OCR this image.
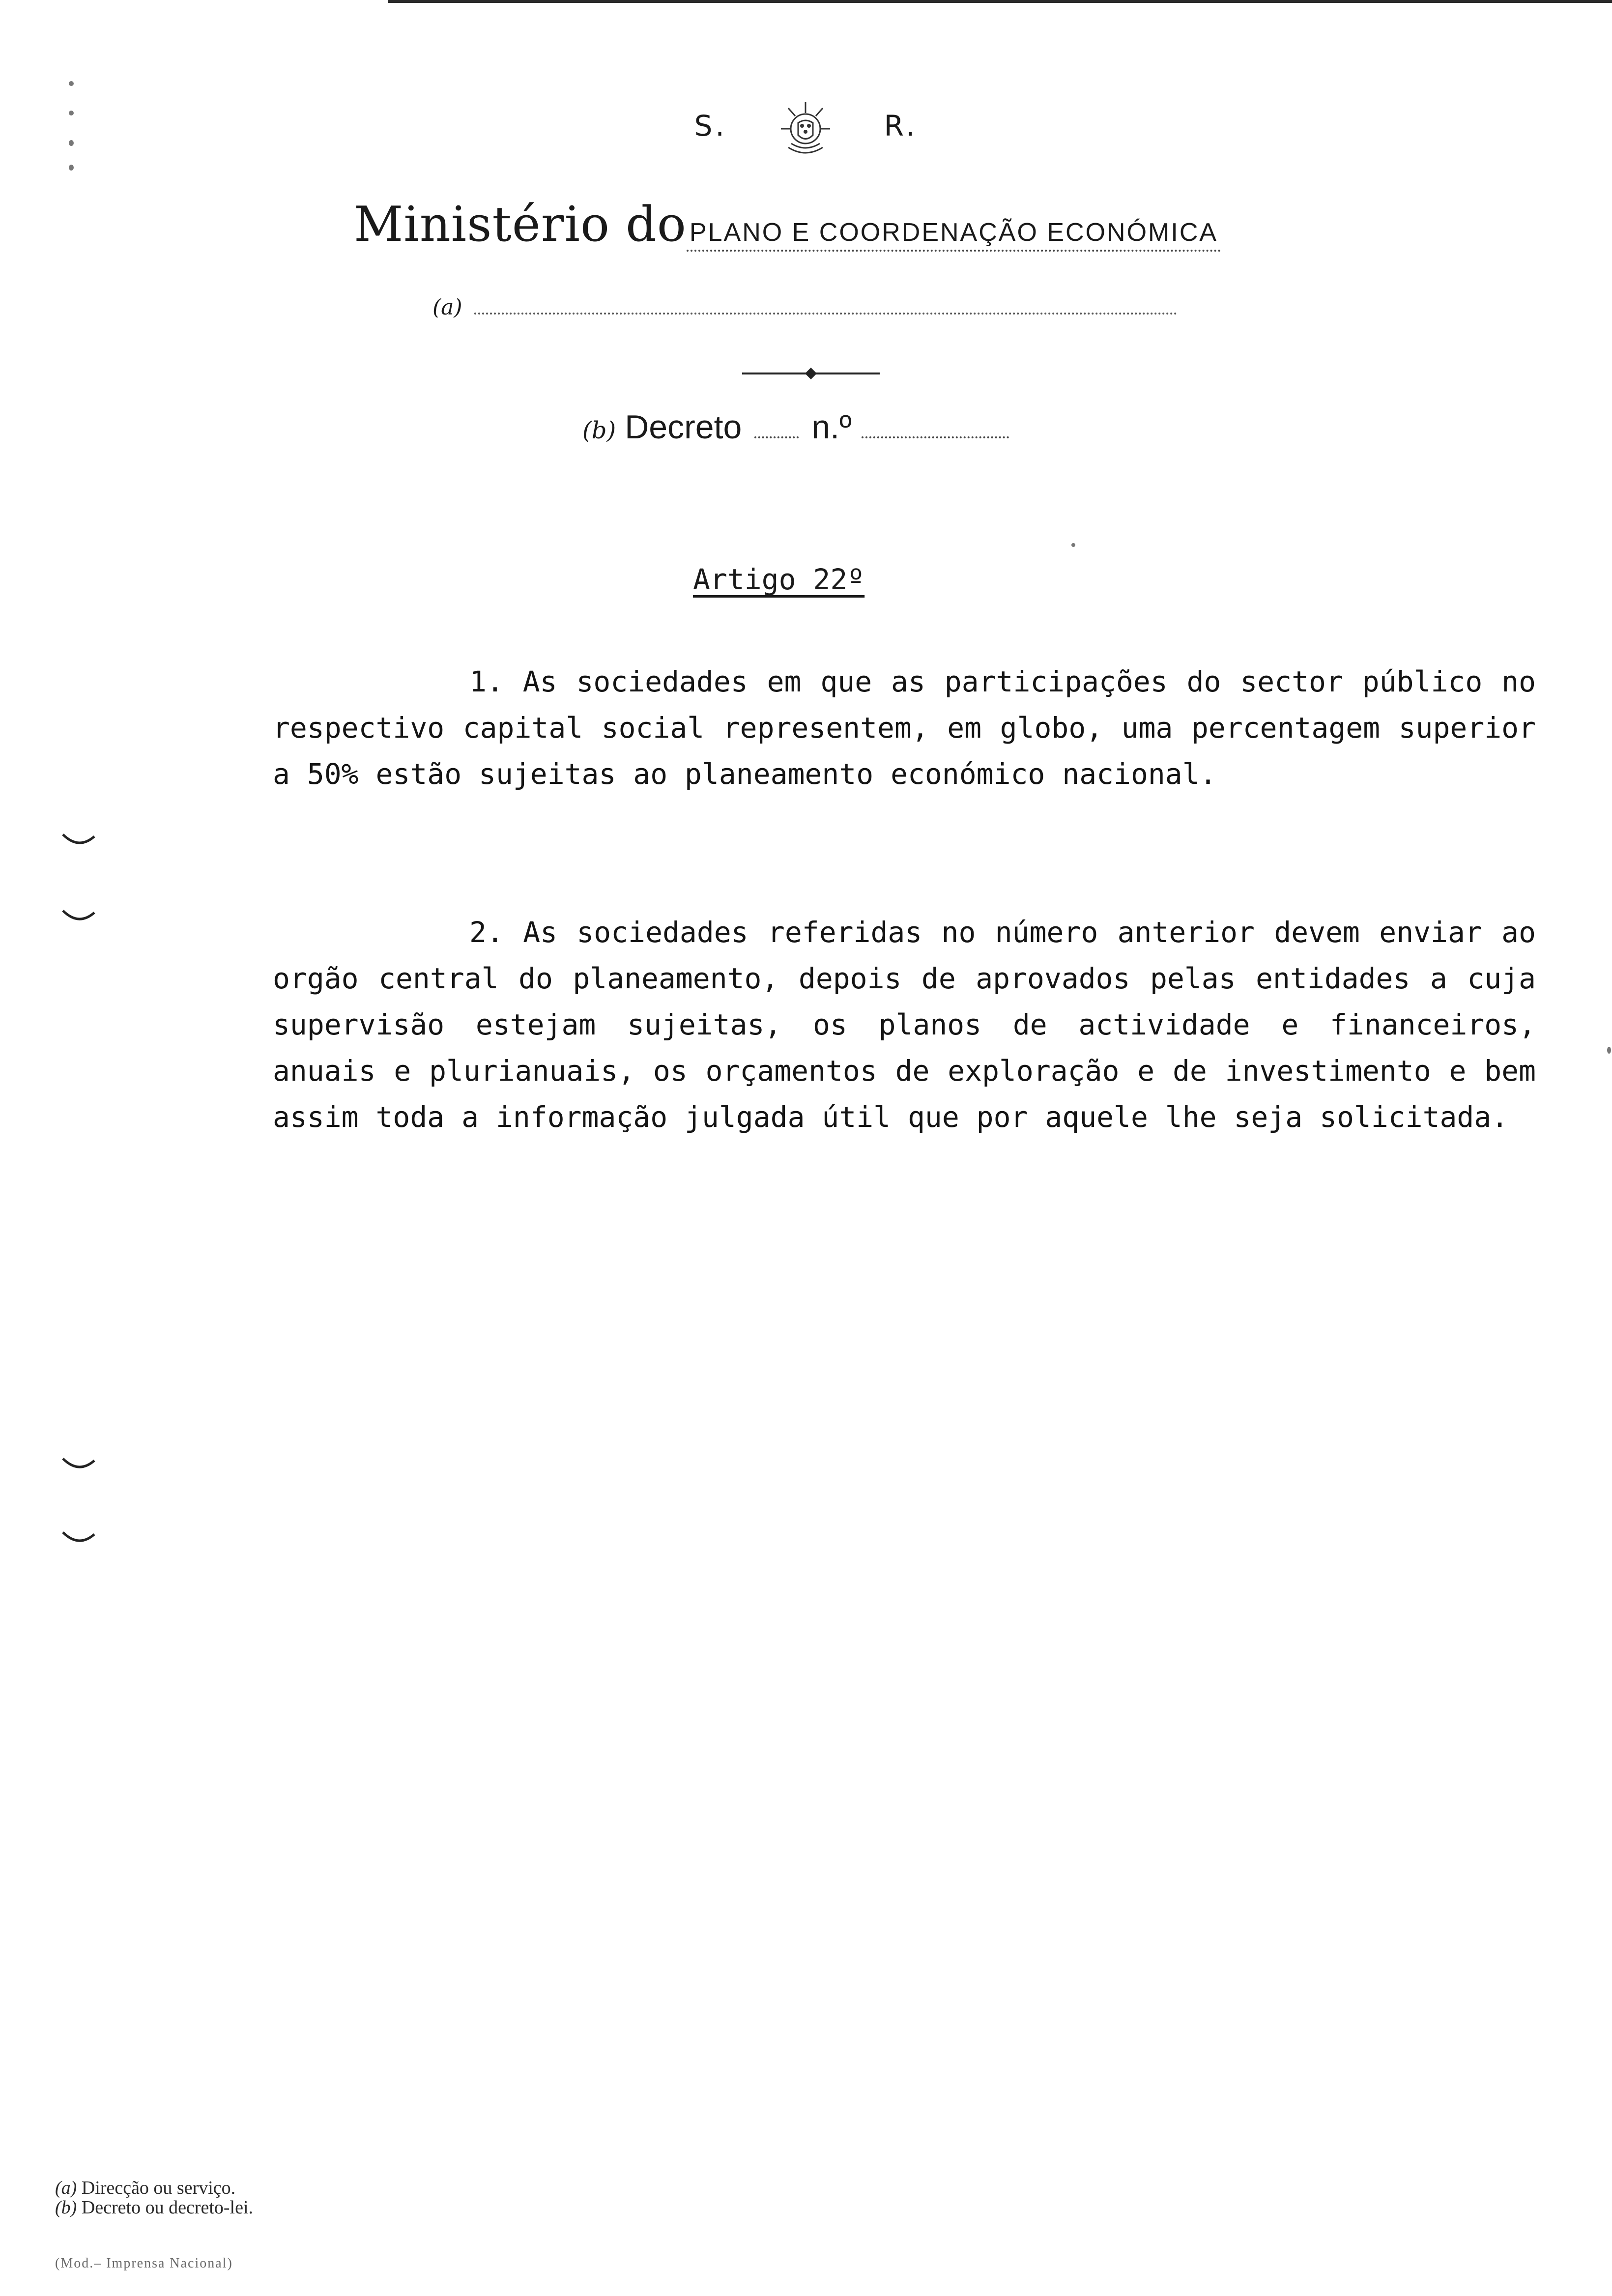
S.	R.
Ministério do PLANO E COORDENAÇÃO ECONÓMICA
(a)
(b) Decreto n.º
Artigo 22º
1. As sociedades em que as participações do sector público no respectivo capital social representem, em globo, uma percentagem superior a 50% estão sujeitas ao planeamento económico nacional.
2. As sociedades referidas no número anterior devem enviar ao orgão central do planeamento, depois de aprovados pelas entidades a cuja supervisão estejam sujeitas, os planos de actividade e financeiros, anuais e plurianuais, os orçamentos de exploração e de investimento e bem assim toda a informação julgada útil que por aquele lhe seja solicitada.
(a) Direcção ou serviço.
(b) Decreto ou decreto-lei.
(Mod.– Imprensa Nacional)
